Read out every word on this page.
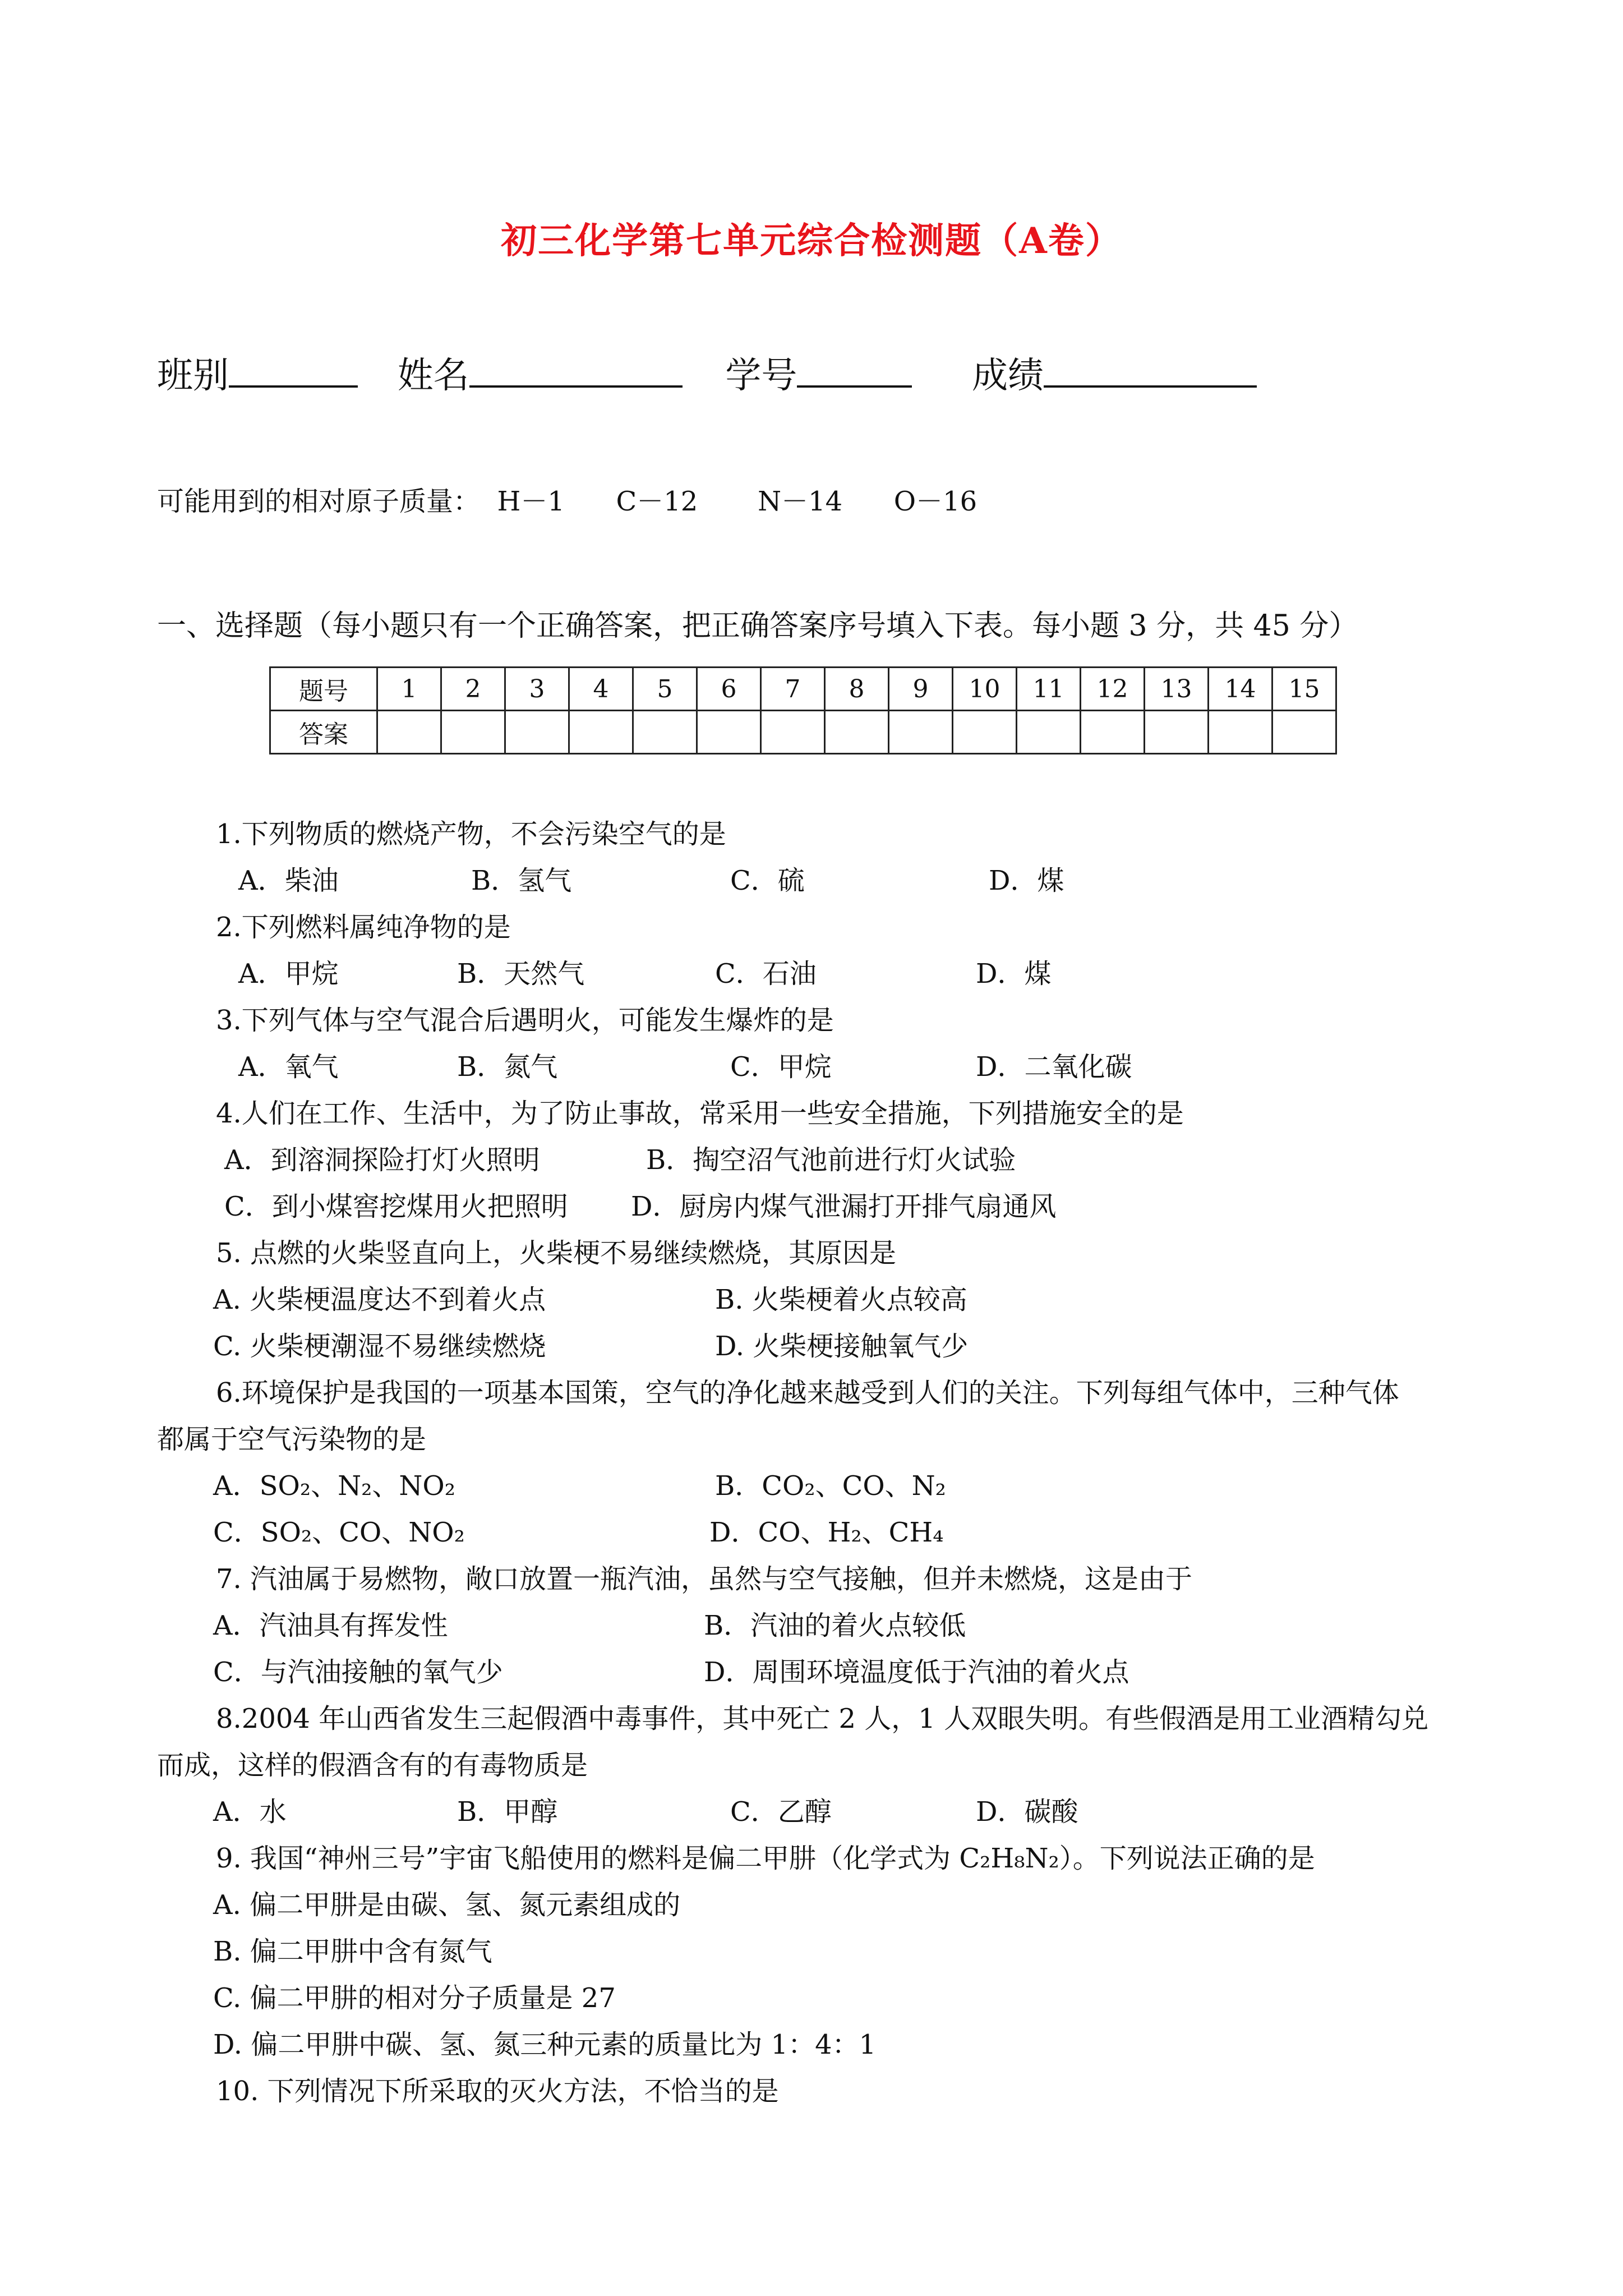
初三化学第七单元综合检测题（A卷）
班别	姓名	学号	成绩
可能用到的相对原子质量：  H－1      C－12       N－14      O－16
一、选择题（每小题只有一个正确答案，把正确答案序号填入下表。每小题 3 分，共 45 分）
题号	1	2	3	4	5	6	7	8	9	10	11	12	13	14	15
答案															
1.下列物质的燃烧产物，不会污染空气的是
A．柴油	B．氢气	C．硫	D．煤
2.下列燃料属纯净物的是
A．甲烷	B．天然气	C．石油	D．煤
3.下列气体与空气混合后遇明火，可能发生爆炸的是
A．氧气	B．氮气	C．甲烷	D．二氧化碳
4.人们在工作、生活中，为了防止事故，常采用一些安全措施，下列措施安全的是
A．到溶洞探险打灯火照明	B．掏空沼气池前进行灯火试验
C．到小煤窖挖煤用火把照明 D．厨房内煤气泄漏打开排气扇通风
5. 点燃的火柴竖直向上，火柴梗不易继续燃烧，其原因是
A. 火柴梗温度达不到着火点	B. 火柴梗着火点较高
C. 火柴梗潮湿不易继续燃烧	D. 火柴梗接触氧气少
6.环境保护是我国的一项基本国策，空气的净化越来越受到人们的关注。下列每组气体中，三种气体
都属于空气污染物的是
A．SO₂、N₂、NO₂	B．CO₂、CO、N₂
C．SO₂、CO、NO₂	D．CO、H₂、CH₄
7. 汽油属于易燃物，敞口放置一瓶汽油，虽然与空气接触，但并未燃烧，这是由于
A．汽油具有挥发性	B．汽油的着火点较低
C．与汽油接触的氧气少	D．周围环境温度低于汽油的着火点
8.2004 年山西省发生三起假酒中毒事件，其中死亡 2 人，1 人双眼失明。有些假酒是用工业酒精勾兑
而成，这样的假酒含有的有毒物质是
A．水	B．甲醇	C．乙醇	D．碳酸
9. 我国“神州三号”宇宙飞船使用的燃料是偏二甲肼（化学式为 C₂H₈N₂）。下列说法正确的是
A. 偏二甲肼是由碳、氢、氮元素组成的
B. 偏二甲肼中含有氮气
C. 偏二甲肼的相对分子质量是 27
D. 偏二甲肼中碳、氢、氮三种元素的质量比为 1：4：1
10. 下列情况下所采取的灭火方法，不恰当的是
